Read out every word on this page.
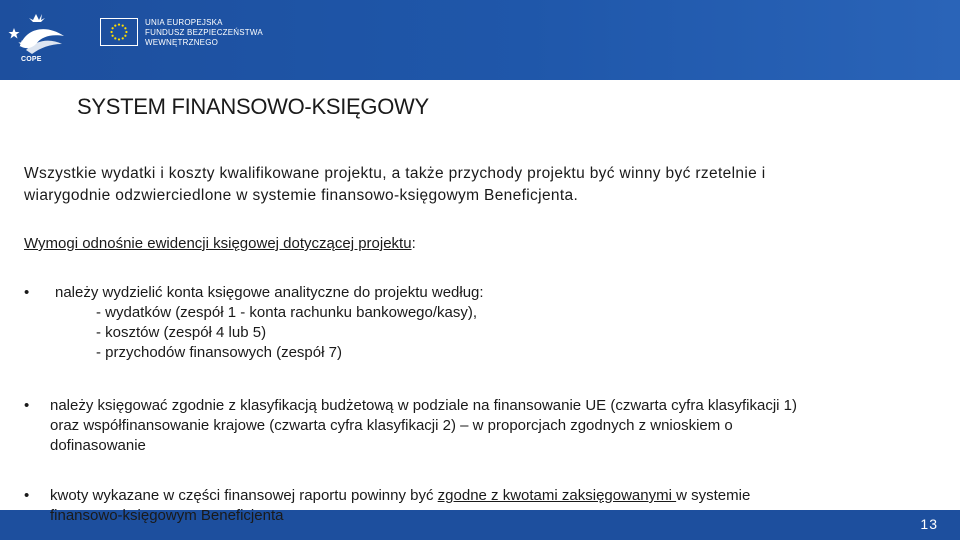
COPE
UNIA EUROPEJSKA
FUNDUSZ BEZPIECZEŃSTWA
WEWNĘTRZNEGO
SYSTEM FINANSOWO-KSIĘGOWY
Wszystkie wydatki i koszty kwalifikowane projektu, a także przychody projektu być winny być rzetelnie i
wiarygodnie odzwierciedlone w systemie finansowo-księgowym Beneficjenta.
Wymogi odnośnie ewidencji księgowej dotyczącej projektu:
• należy wydzielić konta księgowe analityczne do projektu według:
- wydatków (zespół 1 - konta rachunku bankowego/kasy),
- kosztów (zespół 4 lub 5)
- przychodów finansowych (zespół 7)
• należy księgować zgodnie z klasyfikacją budżetową w podziale na finansowanie UE (czwarta cyfra klasyfikacji 1)
oraz współfinansowanie krajowe (czwarta cyfra klasyfikacji 2) – w proporcjach zgodnych z wnioskiem o
dofinasowanie
• kwoty wykazane w części finansowej raportu powinny być zgodne z kwotami zaksięgowanymi w systemie
finansowo-księgowym Beneficjenta	13
